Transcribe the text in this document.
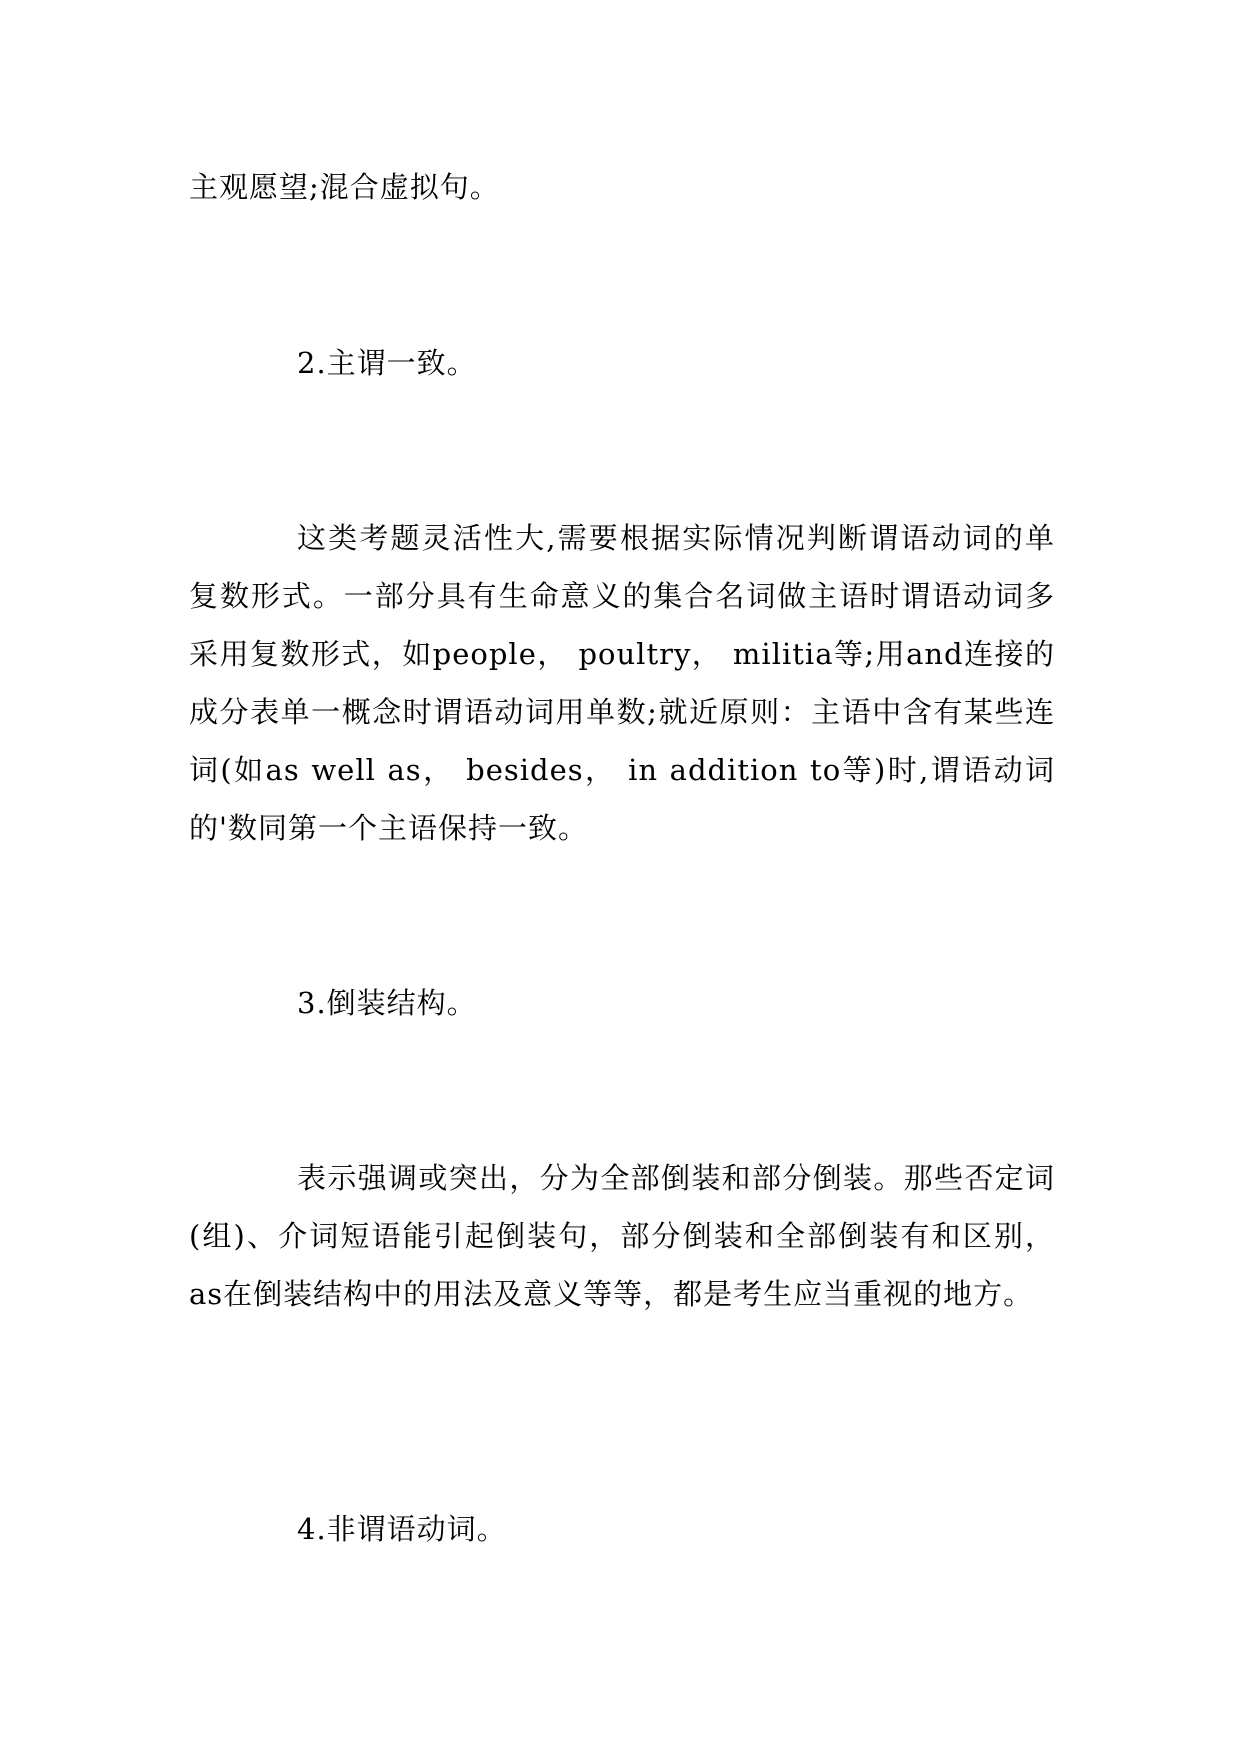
主观愿望;混合虚拟句。

2.主谓一致。

这类考题灵活性大,需要根据实际情况判断谓语动词的单复数形式。一部分具有生命意义的集合名词做主语时谓语动词多采用复数形式，如people， poultry， militia等;用and连接的成分表单一概念时谓语动词用单数;就近原则：主语中含有某些连词(如as well as， besides， in addition to等)时,谓语动词的'数同第一个主语保持一致。

3.倒装结构。

表示强调或突出，分为全部倒装和部分倒装。那些否定词(组)、介词短语能引起倒装句，部分倒装和全部倒装有和区别，as在倒装结构中的用法及意义等等，都是考生应当重视的地方。

4.非谓语动词。
